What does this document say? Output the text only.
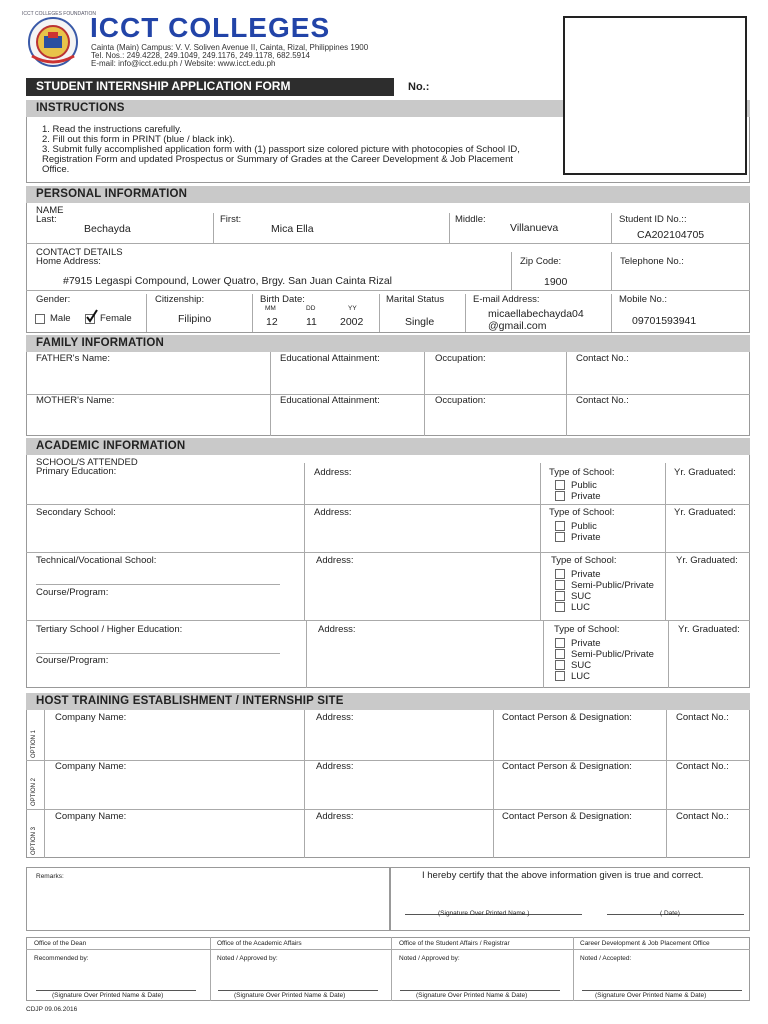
ICCT COLLEGES FOUNDATION
ICCT COLLEGES
Cainta (Main) Campus: V. V. Soliven Avenue II, Cainta, Rizal, Philippines 1900
Tel. Nos.: 249.4228, 249.1049, 249.1176, 249.1178, 682.5914
E-mail: info@icct.edu.ph / Website: www.icct.edu.ph
STUDENT INTERNSHIP APPLICATION FORM	No.:
INSTRUCTIONS
1. Read the instructions carefully.
2. Fill out this form in PRINT (blue / black ink).
3. Submit fully accomplished application form with (1) passport size colored picture with photocopies of School ID,
Registration Form and updated Prospectus or Summary of Grades at the Career Development & Job Placement
Office.
PERSONAL INFORMATION
NAME
Last:
Bechayda
First:
Mica Ella
Middle:
Villanueva
Student ID No.::
CA202104705
CONTACT DETAILS
Home Address:
#7915 Legaspi Compound, Lower Quatro, Brgy. San Juan Cainta Rizal
Zip Code:
1900
Telephone No.:
Gender:
Male	Female
Citizenship:
Filipino
Birth Date:
MM	DD	YY
12	11 2002
Marital Status
Single
E-mail Address:
micaellabechayda04
@gmail.com
Mobile No.:
09701593941
FAMILY INFORMATION
FATHER's Name:	Educational Attainment:	Occupation:	Contact No.:
MOTHER's Name:	Educational Attainment:	Occupation:	Contact No.:
ACADEMIC INFORMATION
SCHOOL/S ATTENDED
Primary Education:	Address:	Type of School:
Public
Private
Yr. Graduated:
Secondary School:	Address:	Type of School:
Public
Private
Yr. Graduated:
Technical/Vocational School:
Course/Program:
Address:	Type of School:
Private
Semi-Public/Private
SUC
LUC
Yr. Graduated:
Tertiary School / Higher Education:
Course/Program:
Address:	Type of School:
Private
Semi-Public/Private
SUC
LUC
Yr. Graduated:
HOST TRAINING ESTABLISHMENT / INTERNSHIP SITE
OPTION 1
Company Name:	Address:	Contact Person & Designation:	Contact No.:
OPTION 2
Company Name:	Address:	Contact Person & Designation:	Contact No.:
OPTION 3
Company Name:	Address:	Contact Person & Designation:	Contact No.:
Remarks:	I hereby certify that the above information given is true and correct.
(Signature Over Printed Name )	( Date)
Office of the Dean	Office of the Academic Affairs	Office of the Student Affairs / Registrar	Career Development & Job Placement Office
Recommended by:	Noted / Approved by:	Noted / Approved by:	Noted / Accepted:
(Signature Over Printed Name & Date)	(Signature Over Printed Name & Date)	(Signature Over Printed Name & Date)	(Signature Over Printed Name & Date)
CDJP 09.06.2016
